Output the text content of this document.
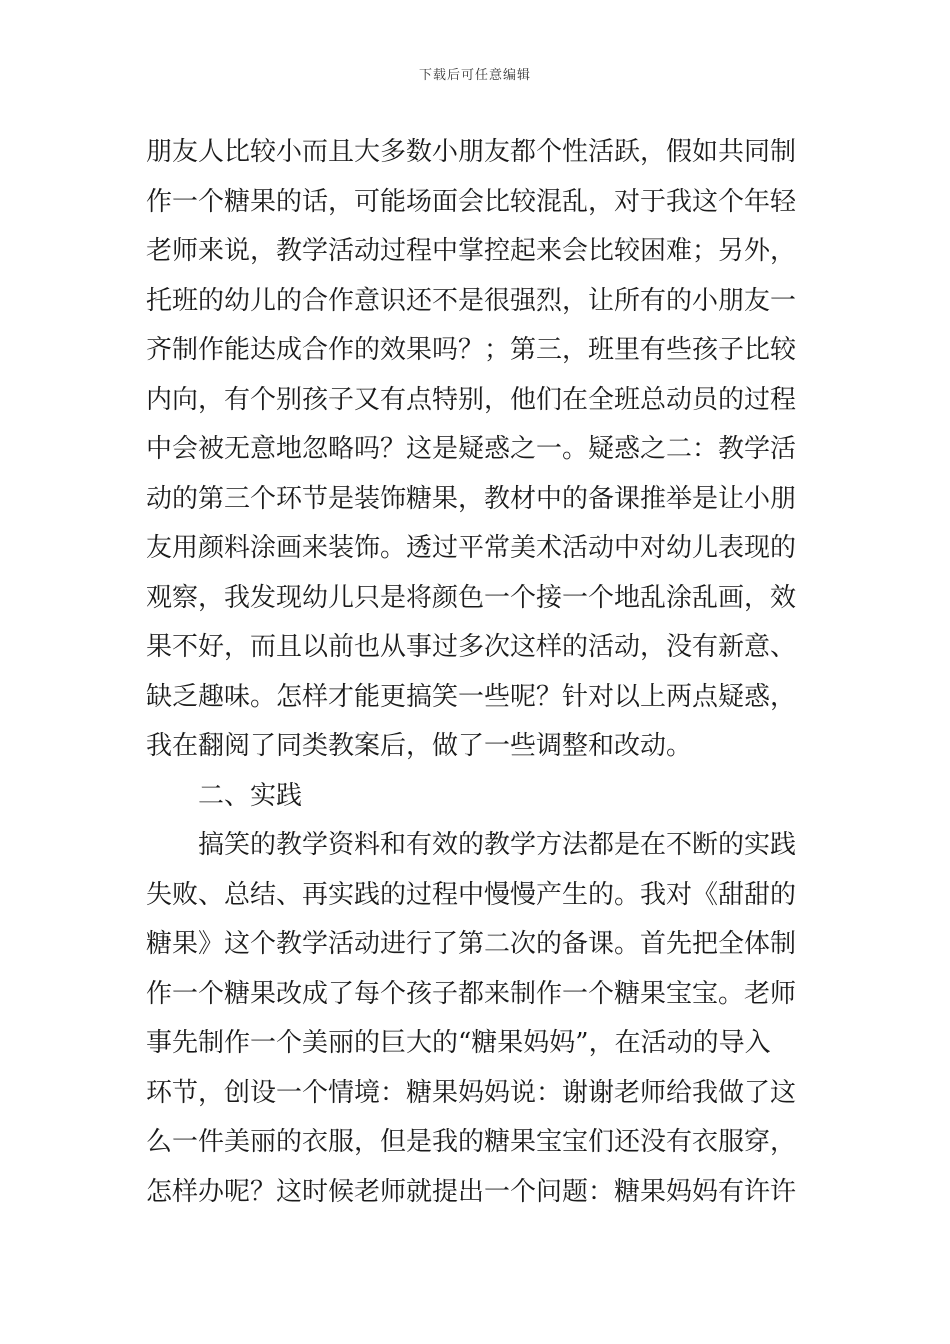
下载后可任意编辑
朋友人比较小而且大多数小朋友都个性活跃，假如共同制
作一个糖果的话，可能场面会比较混乱，对于我这个年轻
老师来说，教学活动过程中掌控起来会比较困难；另外，
托班的幼儿的合作意识还不是很强烈，让所有的小朋友一
齐制作能达成合作的效果吗？；第三，班里有些孩子比较
内向，有个别孩子又有点特别，他们在全班总动员的过程
中会被无意地忽略吗？这是疑惑之一。疑惑之二：教学活
动的第三个环节是装饰糖果，教材中的备课推举是让小朋
友用颜料涂画来装饰。透过平常美术活动中对幼儿表现的
观察，我发现幼儿只是将颜色一个接一个地乱涂乱画，效
果不好，而且以前也从事过多次这样的活动，没有新意、
缺乏趣味。怎样才能更搞笑一些呢？针对以上两点疑惑，
我在翻阅了同类教案后，做了一些调整和改动。
二、实践
搞笑的教学资料和有效的教学方法都是在不断的实践
失败、总结、再实践的过程中慢慢产生的。我对《甜甜的
糖果》这个教学活动进行了第二次的备课。首先把全体制
作一个糖果改成了每个孩子都来制作一个糖果宝宝。老师
事先制作一个美丽的巨大的“糖果妈妈”，在活动的导入
环节，创设一个情境：糖果妈妈说：谢谢老师给我做了这
么一件美丽的衣服，但是我的糖果宝宝们还没有衣服穿，
怎样办呢？这时候老师就提出一个问题：糖果妈妈有许许
